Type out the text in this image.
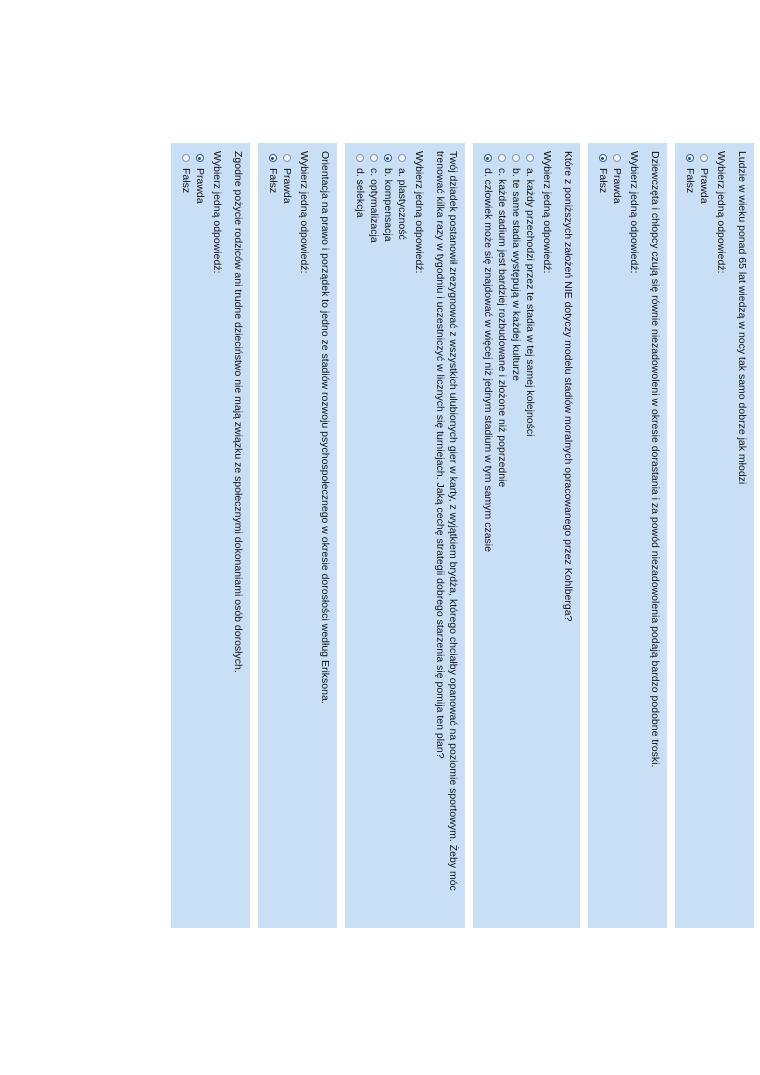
Ludzie w wieku ponad 65 lat wiedzą w nocy tak samo dobrze jak młodzi
Wybierz jedną odpowiedź:
Prawda
Fałsz
Dziewczęta i chłopcy czują się równie niezadowoleni w okresie dorastania i za powód niezadowolenia podają bardzo podobne troski.
Wybierz jedną odpowiedź:
Prawda
Fałsz
Które z poniższych założeń NIE dotyczy modelu stadiów moralnych opracowanego przez Kohlberga?
Wybierz jedną odpowiedź:
a. każdy przechodzi przez te stadia w tej samej kolejności
b. te same stadia występują w każdej kulturze
c. każde stadium jest bardziej rozbudowane i złożone niż poprzednie
d. człowiek może się znajdować w więcej niż jednym stadium w tym samym czasie
Twój dziadek postanowił zrezygnować z wszystkich ulubionych gier w karty, z wyjątkiem brydża, którego chciałby opanować na poziomie sportowym. Żeby móc trenować kilka razy w tygodniu i uczestniczyć w licznych się turniejach. Jaką cechę strategii dobrego starzenia się pomija ten plan?
Wybierz jedną odpowiedź:
a. plastyczność
b. kompensacja
c. optymalizacja
d. selekcja
Orientacja na prawo i porządek to jedno ze stadiów rozwoju psychospołecznego w okresie dorosłości według Eriksona.
Wybierz jedną odpowiedź:
Prawda
Fałsz
Zgodne pożycie rodziców ani trudne dzieciństwo nie mają związku ze społecznymi dokonaniami osób dorosłych.
Wybierz jedną odpowiedź:
Prawda
Fałsz
